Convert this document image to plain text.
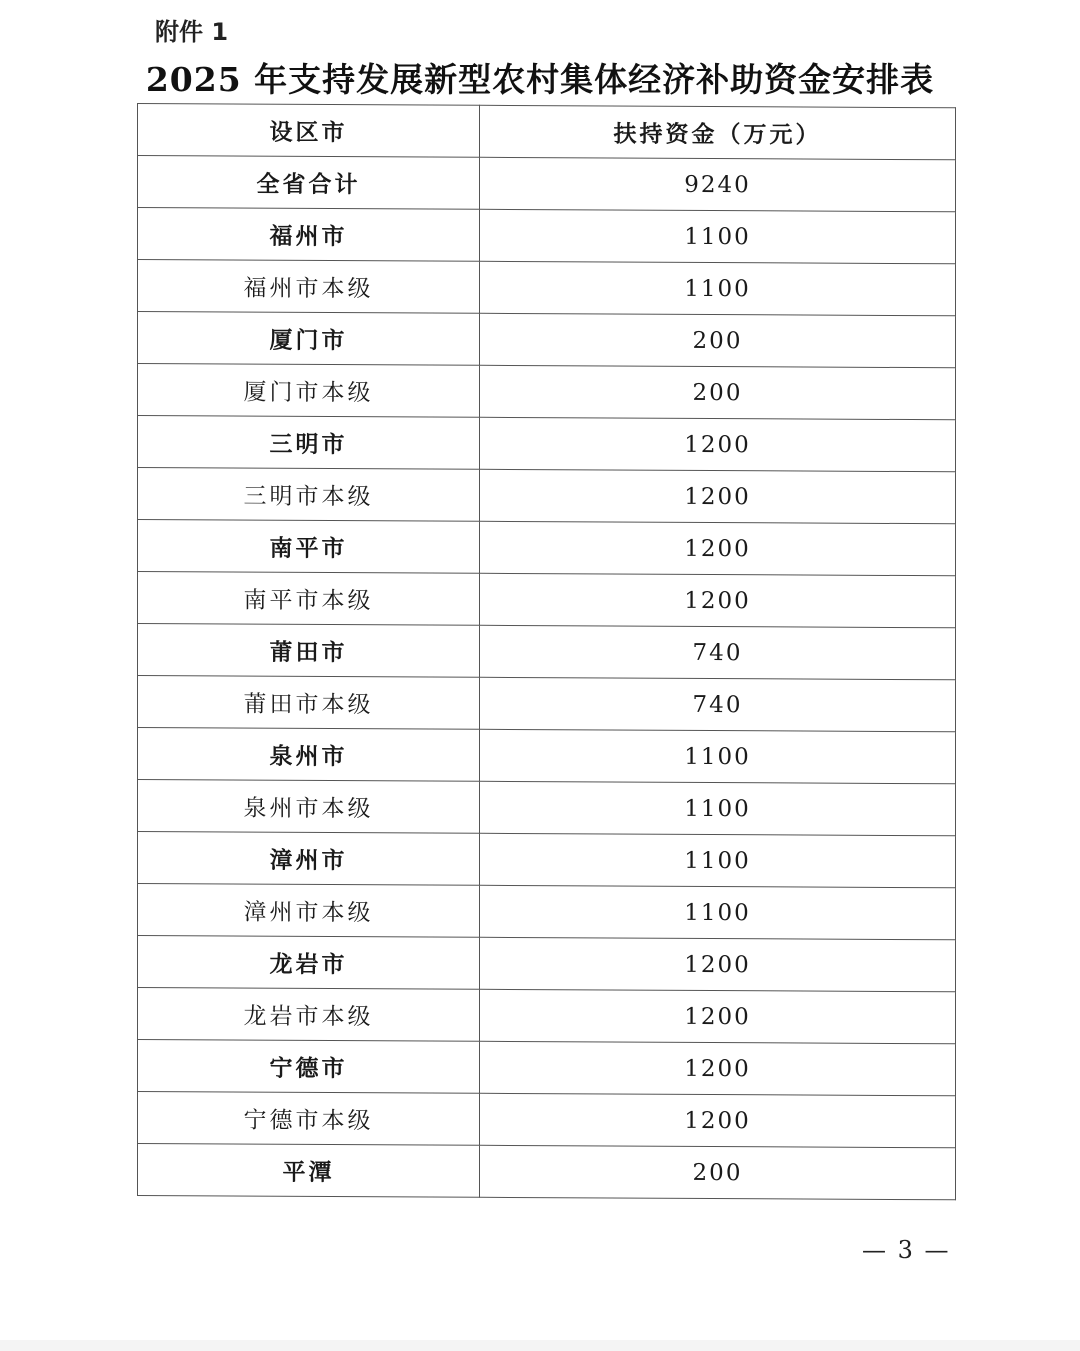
附件 1
2025 年支持发展新型农村集体经济补助资金安排表
设区市	扶持资金（万元）
全省合计	9240
福州市	1100
福州市本级	1100
厦门市	200
厦门市本级	200
三明市	1200
三明市本级	1200
南平市	1200
南平市本级	1200
莆田市	740
莆田市本级	740
泉州市	1100
泉州市本级	1100
漳州市	1100
漳州市本级	1100
龙岩市	1200
龙岩市本级	1200
宁德市	1200
宁德市本级	1200
平潭	200
— 3 —
